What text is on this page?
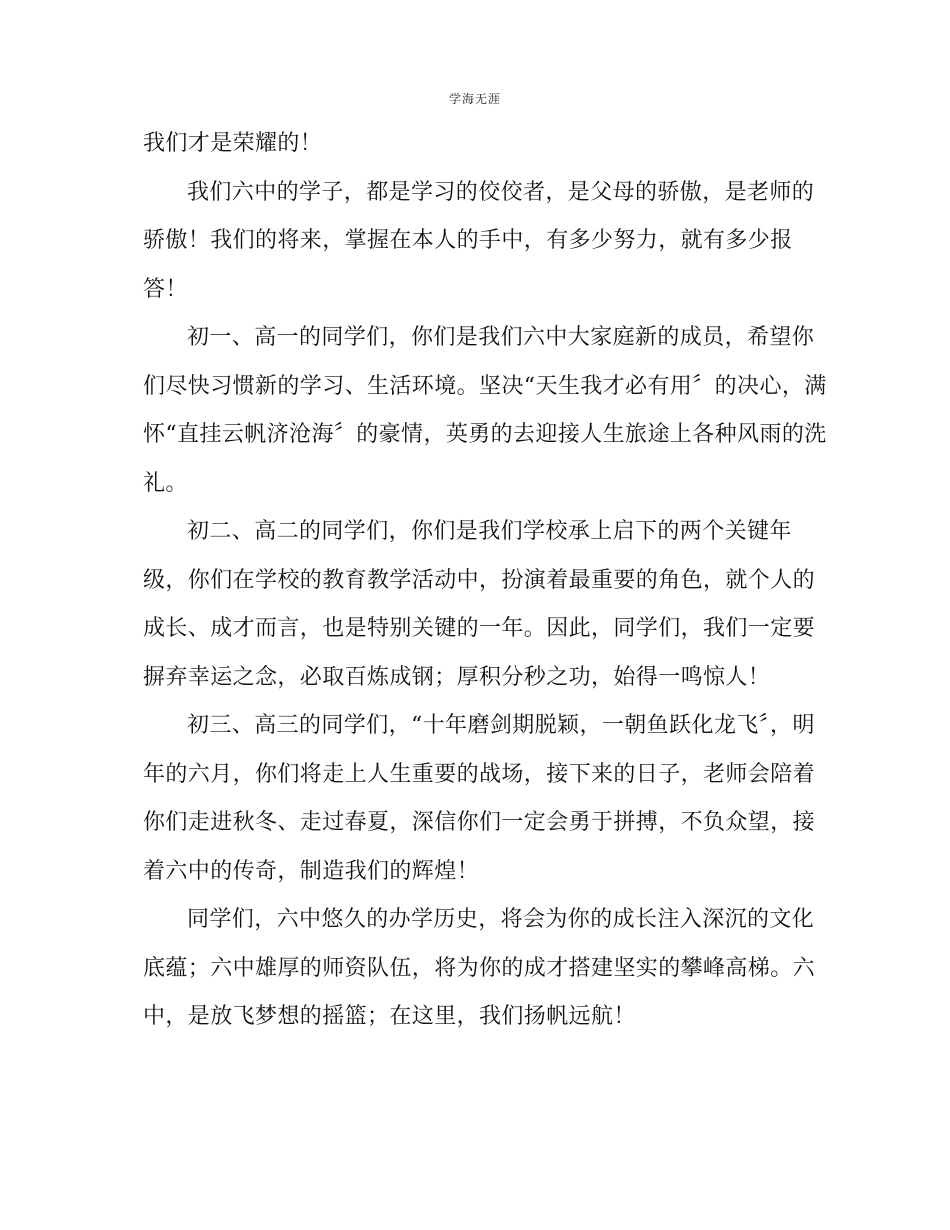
学海无涯
我们才是荣耀的！
我们六中的学子，都是学习的佼佼者，是父母的骄傲，是老师的
骄傲！我们的将来，掌握在本人的手中，有多少努力，就有多少报
答！
初一、高一的同学们，你们是我们六中大家庭新的成员，希望你
们尽快习惯新的学习、生活环境。坚决“天生我才必有用〞的决心，满
怀“直挂云帆济沧海〞的豪情，英勇的去迎接人生旅途上各种风雨的洗
礼。
初二、高二的同学们，你们是我们学校承上启下的两个关键年
级，你们在学校的教育教学活动中，扮演着最重要的角色，就个人的
成长、成才而言，也是特别关键的一年。因此，同学们，我们一定要
摒弃幸运之念，必取百炼成钢；厚积分秒之功，始得一鸣惊人！
初三、高三的同学们，“十年磨剑期脱颖，一朝鱼跃化龙飞〞，明
年的六月，你们将走上人生重要的战场，接下来的日子，老师会陪着
你们走进秋冬、走过春夏，深信你们一定会勇于拼搏，不负众望，接
着六中的传奇，制造我们的辉煌！
同学们，六中悠久的办学历史，将会为你的成长注入深沉的文化
底蕴；六中雄厚的师资队伍，将为你的成才搭建坚实的攀峰高梯。六
中，是放飞梦想的摇篮；在这里，我们扬帆远航！
